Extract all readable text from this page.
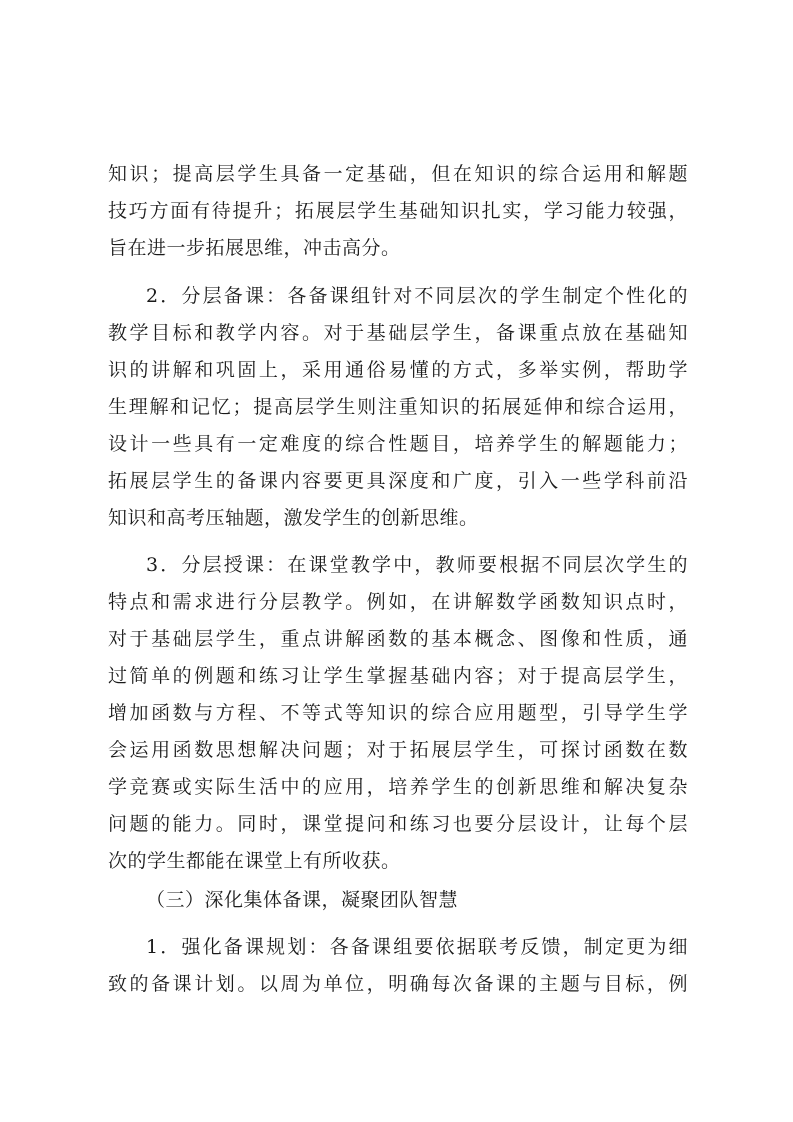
知识；提高层学生具备一定基础，但在知识的综合运用和解题
技巧方面有待提升；拓展层学生基础知识扎实，学习能力较强，
旨在进一步拓展思维，冲击高分。
2．分层备课：各备课组针对不同层次的学生制定个性化的
教学目标和教学内容。对于基础层学生，备课重点放在基础知
识的讲解和巩固上，采用通俗易懂的方式，多举实例，帮助学
生理解和记忆；提高层学生则注重知识的拓展延伸和综合运用，
设计一些具有一定难度的综合性题目，培养学生的解题能力；
拓展层学生的备课内容要更具深度和广度，引入一些学科前沿
知识和高考压轴题，激发学生的创新思维。
3．分层授课：在课堂教学中，教师要根据不同层次学生的
特点和需求进行分层教学。例如，在讲解数学函数知识点时，
对于基础层学生，重点讲解函数的基本概念、图像和性质，通
过简单的例题和练习让学生掌握基础内容；对于提高层学生，
增加函数与方程、不等式等知识的综合应用题型，引导学生学
会运用函数思想解决问题；对于拓展层学生，可探讨函数在数
学竞赛或实际生活中的应用，培养学生的创新思维和解决复杂
问题的能力。同时，课堂提问和练习也要分层设计，让每个层
次的学生都能在课堂上有所收获。
（三）深化集体备课，凝聚团队智慧
1．强化备课规划：各备课组要依据联考反馈，制定更为细
致的备课计划。以周为单位，明确每次备课的主题与目标，例
